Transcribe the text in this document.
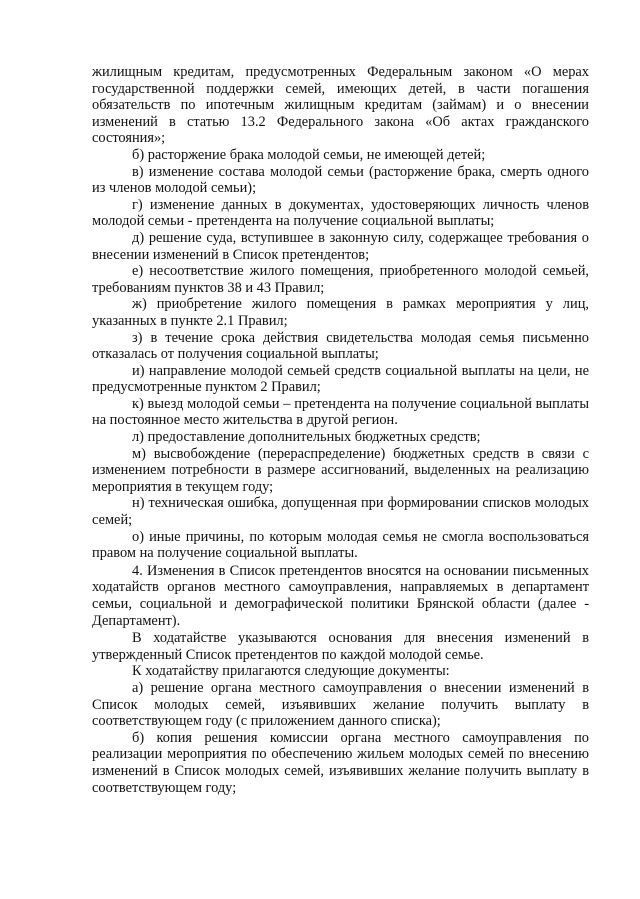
жилищным кредитам, предусмотренных Федеральным законом «О мерах государственной поддержки семей, имеющих детей, в части погашения обязательств по ипотечным жилищным кредитам (займам) и о внесении изменений в статью 13.2 Федерального закона «Об актах гражданского состояния»;

б) расторжение брака молодой семьи, не имеющей детей;

в) изменение состава молодой семьи (расторжение брака, смерть одного из членов молодой семьи);

г) изменение данных в документах, удостоверяющих личность членов молодой семьи - претендента на получение социальной выплаты;

д) решение суда, вступившее в законную силу, содержащее требования о внесении изменений в Список претендентов;

е) несоответствие жилого помещения, приобретенного молодой семьей, требованиям пунктов 38 и 43 Правил;

ж) приобретение жилого помещения в рамках мероприятия у лиц, указанных в пункте 2.1 Правил;

з) в течение срока действия свидетельства молодая семья письменно отказалась от получения социальной выплаты;

и) направление молодой семьей средств социальной выплаты на цели, не предусмотренные пунктом 2 Правил;

к) выезд молодой семьи – претендента на получение социальной выплаты на постоянное место жительства в другой регион.

л) предоставление дополнительных бюджетных средств;

м) высвобождение (перераспределение) бюджетных средств в связи с изменением потребности в размере ассигнований, выделенных на реализацию мероприятия в текущем году;

н) техническая ошибка, допущенная при формировании списков молодых семей;

о) иные причины, по которым молодая семья не смогла воспользоваться правом на получение социальной выплаты.

4. Изменения в Список претендентов вносятся на основании письменных ходатайств органов местного самоуправления, направляемых в департамент семьи, социальной и демографической политики Брянской области (далее - Департамент).

В ходатайстве указываются основания для внесения изменений в утвержденный Список претендентов по каждой молодой семье.

К ходатайству прилагаются следующие документы:

а) решение органа местного самоуправления о внесении изменений в Список молодых семей, изъявивших желание получить выплату в соответствующем году (с приложением данного списка);

б) копия решения комиссии органа местного самоуправления по реализации мероприятия по обеспечению жильем молодых семей по внесению изменений в Список молодых семей, изъявивших желание получить выплату в соответствующем году;
